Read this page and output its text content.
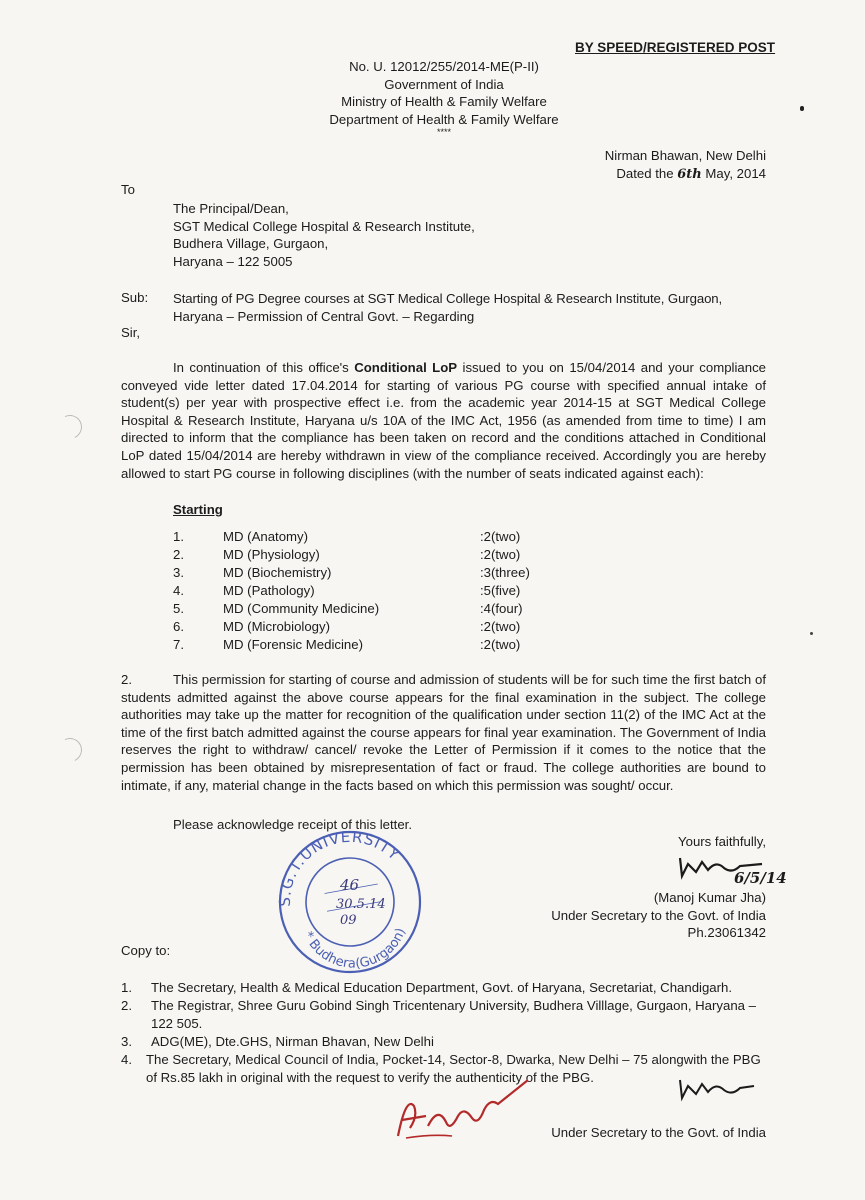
BY SPEED/REGISTERED POST
No. U. 12012/255/2014-ME(P-II)
Government of India
Ministry of Health & Family Welfare
Department of Health & Family Welfare
****
Nirman Bhawan, New Delhi
Dated the 6th May, 2014
To
The Principal/Dean,
SGT Medical College Hospital & Research Institute,
Budhera Village, Gurgaon,
Haryana – 122 5005
Sub: Starting of PG Degree courses at SGT Medical College Hospital & Research Institute, Gurgaon,
Haryana – Permission of Central Govt. – Regarding
Sir,
In continuation of this office's Conditional LoP issued to you on 15/04/2014 and your compliance conveyed vide letter dated 17.04.2014 for starting of various PG course with specified annual intake of student(s) per year with prospective effect i.e. from the academic year 2014-15 at SGT Medical College Hospital & Research Institute, Haryana u/s 10A of the IMC Act, 1956 (as amended from time to time) I am directed to inform that the compliance has been taken on record and the conditions attached in Conditional LoP dated 15/04/2014 are hereby withdrawn in view of the compliance received. Accordingly you are hereby allowed to start PG course in following disciplines (with the number of seats indicated against each):
Starting
1.	MD (Anatomy)	:2(two)
2.	MD (Physiology)	:2(two)
3.	MD (Biochemistry)	:3(three)
4.	MD (Pathology)	:5(five)
5.	MD (Community Medicine)	:4(four)
6.	MD (Microbiology)	:2(two)
7.	MD (Forensic Medicine)	:2(two)
2.	This permission for starting of course and admission of students will be for such time the first batch of students admitted against the above course appears for the final examination in the subject. The college authorities may take up the matter for recognition of the qualification under section 11(2) of the IMC Act at the time of the first batch admitted against the course appears for final year examination. The Government of India reserves the right to withdraw/ cancel/ revoke the Letter of Permission if it comes to the notice that the permission has been obtained by misrepresentation of fact or fraud. The college authorities are bound to intimate, if any, material change in the facts based on which this permission was sought/ occur.
Please acknowledge receipt of this letter.
S.G.T.UNIVERSITY
* Budhera(Gurgaon)
46
30.5.14
09
Yours faithfully,
6/5/14
(Manoj Kumar Jha)
Under Secretary to the Govt. of India
Ph.23061342
Copy to:
1. The Secretary, Health & Medical Education Department, Govt. of Haryana, Secretariat, Chandigarh.
2. The Registrar, Shree Guru Gobind Singh Tricentenary University, Budhera Villlage, Gurgaon, Haryana – 122 505.
3. ADG(ME), Dte.GHS, Nirman Bhavan, New Delhi
4. The Secretary, Medical Council of India, Pocket-14, Sector-8, Dwarka, New Delhi – 75 alongwith the PBG of Rs.85 lakh in original with the request to verify the authenticity of the PBG.
Under Secretary to the Govt. of India
